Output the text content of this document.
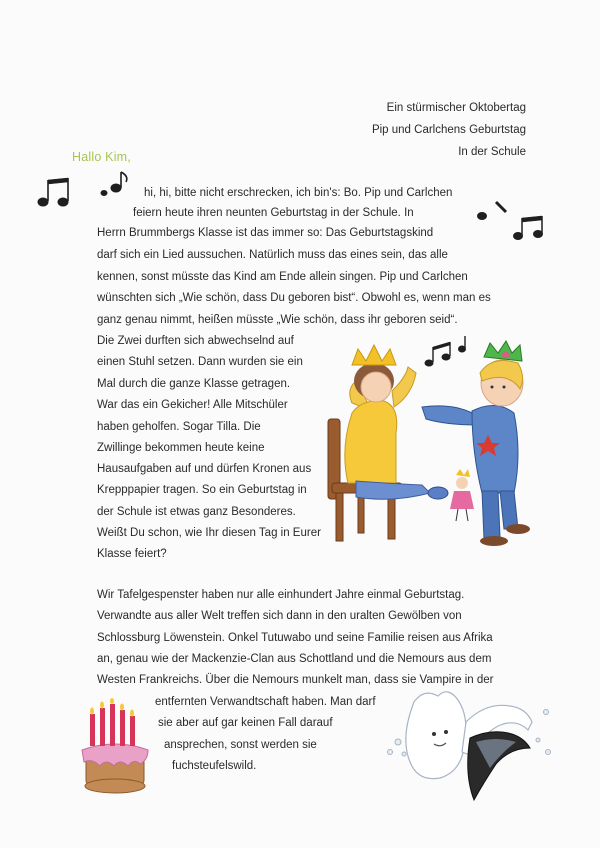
Ein stürmischer Oktobertag
Pip und Carlchens Geburtstag
In der Schule
Hallo Kim,
hi, hi, bitte nicht erschrecken, ich bin's: Bo. Pip und Carlchen
feiern heute ihren neunten Geburtstag in der Schule. In
Herrn Brummbergs Klasse ist das immer so: Das Geburtstagskind
darf sich ein Lied aussuchen. Natürlich muss das eines sein, das alle
kennen, sonst müsste das Kind am Ende allein singen. Pip und Carlchen
wünschten sich „Wie schön, dass Du geboren bist“. Obwohl es, wenn man es
ganz genau nimmt, heißen müsste „Wie schön, dass ihr geboren seid“.
Die Zwei durften sich abwechselnd auf
einen Stuhl setzen. Dann wurden sie ein
Mal durch die ganze Klasse getragen.
War das ein Gekicher! Alle Mitschüler
haben geholfen. Sogar Tilla. Die
Zwillinge bekommen heute keine
Hausaufgaben auf und dürfen Kronen aus
Krepppapier tragen. So ein Geburtstag in
der Schule ist etwas ganz Besonderes.
Weißt Du schon, wie Ihr diesen Tag in Eurer
Klasse feiert?
Wir Tafelgespenster haben nur alle einhundert Jahre einmal Geburtstag.
Verwandte aus aller Welt treffen sich dann in den uralten Gewölben von
Schlossburg Löwenstein. Onkel Tutuwabo und seine Familie reisen aus Afrika
an, genau wie der Mackenzie-Clan aus Schottland und die Nemours aus dem
Westen Frankreichs. Über die Nemours munkelt man, dass sie Vampire in der
entfernten Verwandtschaft haben. Man darf
sie aber auf gar keinen Fall darauf
ansprechen, sonst werden sie
fuchsteufelswild.
